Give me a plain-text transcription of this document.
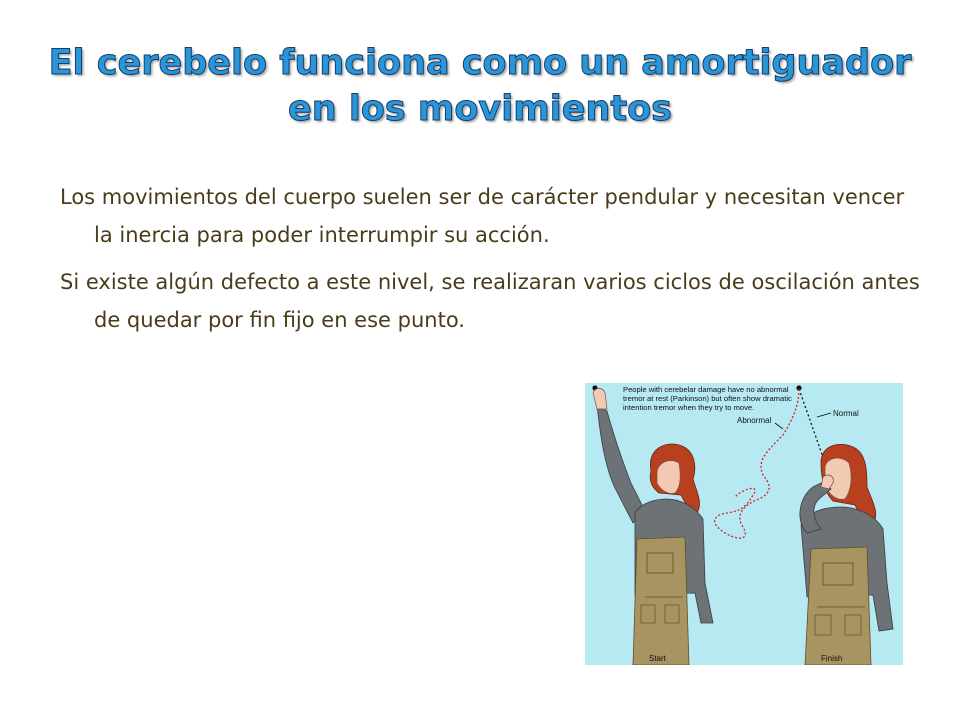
El cerebelo funciona como un amortiguador en los movimientos

Los movimientos del cuerpo suelen ser de carácter pendular y necesitan vencer la inercia para poder interrumpir su acción.

Si existe algún defecto a este nivel, se realizaran varios ciclos de oscilación antes de quedar por fin fijo en ese punto.

People with cerebelar damage have no abnormal
tremor at rest (Parkinson) but often show dramatic
intention tremor when they try to move.
Normal
Abnormal
Start	Finish
